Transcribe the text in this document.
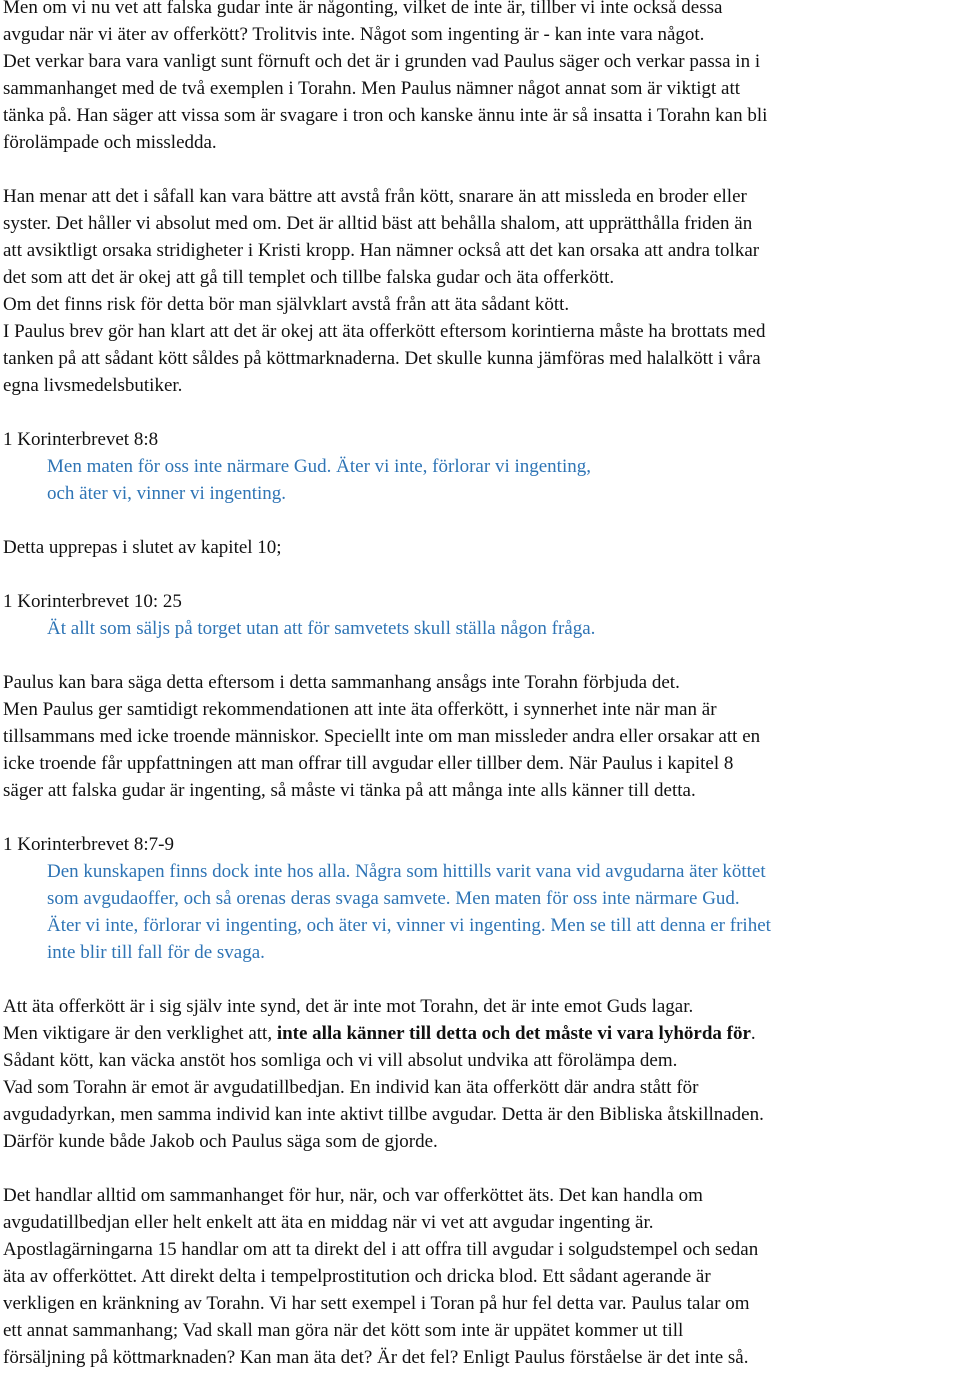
Men om vi nu vet att falska gudar inte är någonting, vilket de inte är, tillber vi inte också dessa
avgudar när vi äter av offerkött? Trolitvis inte. Något som ingenting är - kan inte vara något.
Det verkar bara vara vanligt sunt förnuft och det är i grunden vad Paulus säger och verkar passa in i
sammanhanget med de två exemplen i Torahn. Men Paulus nämner något annat som är viktigt att
tänka på. Han säger att vissa som är svagare i tron och kanske ännu inte är så insatta i Torahn kan bli
förolämpade och missledda.
Han menar att det i såfall kan vara bättre att avstå från kött, snarare än att missleda en broder eller
syster. Det håller vi absolut med om. Det är alltid bäst att behålla shalom, att upprätthålla friden än
att avsiktligt orsaka stridigheter i Kristi kropp. Han nämner också att det kan orsaka att andra tolkar
det som att det är okej att gå till templet och tillbe falska gudar och äta offerkött.
Om det finns risk för detta bör man självklart avstå från att äta sådant kött.
I Paulus brev gör han klart att det är okej att äta offerkött eftersom korintierna måste ha brottats med
tanken på att sådant kött såldes på köttmarknaderna. Det skulle kunna jämföras med halalkött i våra
egna livsmedelsbutiker.
1 Korinterbrevet 8:8
Men maten för oss inte närmare Gud. Äter vi inte, förlorar vi ingenting,
och äter vi, vinner vi ingenting.
Detta upprepas i slutet av kapitel 10;
1 Korinterbrevet 10: 25
Ät allt som säljs på torget utan att för samvetets skull ställa någon fråga.
Paulus kan bara säga detta eftersom i detta sammanhang ansågs inte Torahn förbjuda det.
Men Paulus ger samtidigt rekommendationen att inte äta offerkött, i synnerhet inte när man är
tillsammans med icke troende människor. Speciellt inte om man missleder andra eller orsakar att en
icke troende får uppfattningen att man offrar till avgudar eller tillber dem. När Paulus i kapitel 8
säger att falska gudar är ingenting, så måste vi tänka på att många inte alls känner till detta.
1 Korinterbrevet 8:7-9
Den kunskapen finns dock inte hos alla. Några som hittills varit vana vid avgudarna äter köttet
som avgudaoffer, och så orenas deras svaga samvete. Men maten för oss inte närmare Gud.
Äter vi inte, förlorar vi ingenting, och äter vi, vinner vi ingenting. Men se till att denna er frihet
inte blir till fall för de svaga.
Att äta offerkött är i sig själv inte synd, det är inte mot Torahn, det är inte emot Guds lagar.
Men viktigare är den verklighet att, inte alla känner till detta och det måste vi vara lyhörda för.
Sådant kött, kan väcka anstöt hos somliga och vi vill absolut undvika att förolämpa dem.
Vad som Torahn är emot är avgudatillbedjan. En individ kan äta offerkött där andra stått för
avgudadyrkan, men samma individ kan inte aktivt tillbe avgudar. Detta är den Bibliska åtskillnaden.
Därför kunde både Jakob och Paulus säga som de gjorde.
Det handlar alltid om sammanhanget för hur, när, och var offerköttet äts. Det kan handla om
avgudatillbedjan eller helt enkelt att äta en middag när vi vet att avgudar ingenting är.
Apostlagärningarna 15 handlar om att ta direkt del i att offra till avgudar i solgudstempel och sedan
äta av offerköttet. Att direkt delta i tempelprostitution och dricka blod. Ett sådant agerande är
verkligen en kränkning av Torahn. Vi har sett exempel i Toran på hur fel detta var. Paulus talar om
ett annat sammanhang; Vad skall man göra när det kött som inte är uppätet kommer ut till
försäljning på köttmarknaden? Kan man äta det? Är det fel? Enligt Paulus förståelse är det inte så.
